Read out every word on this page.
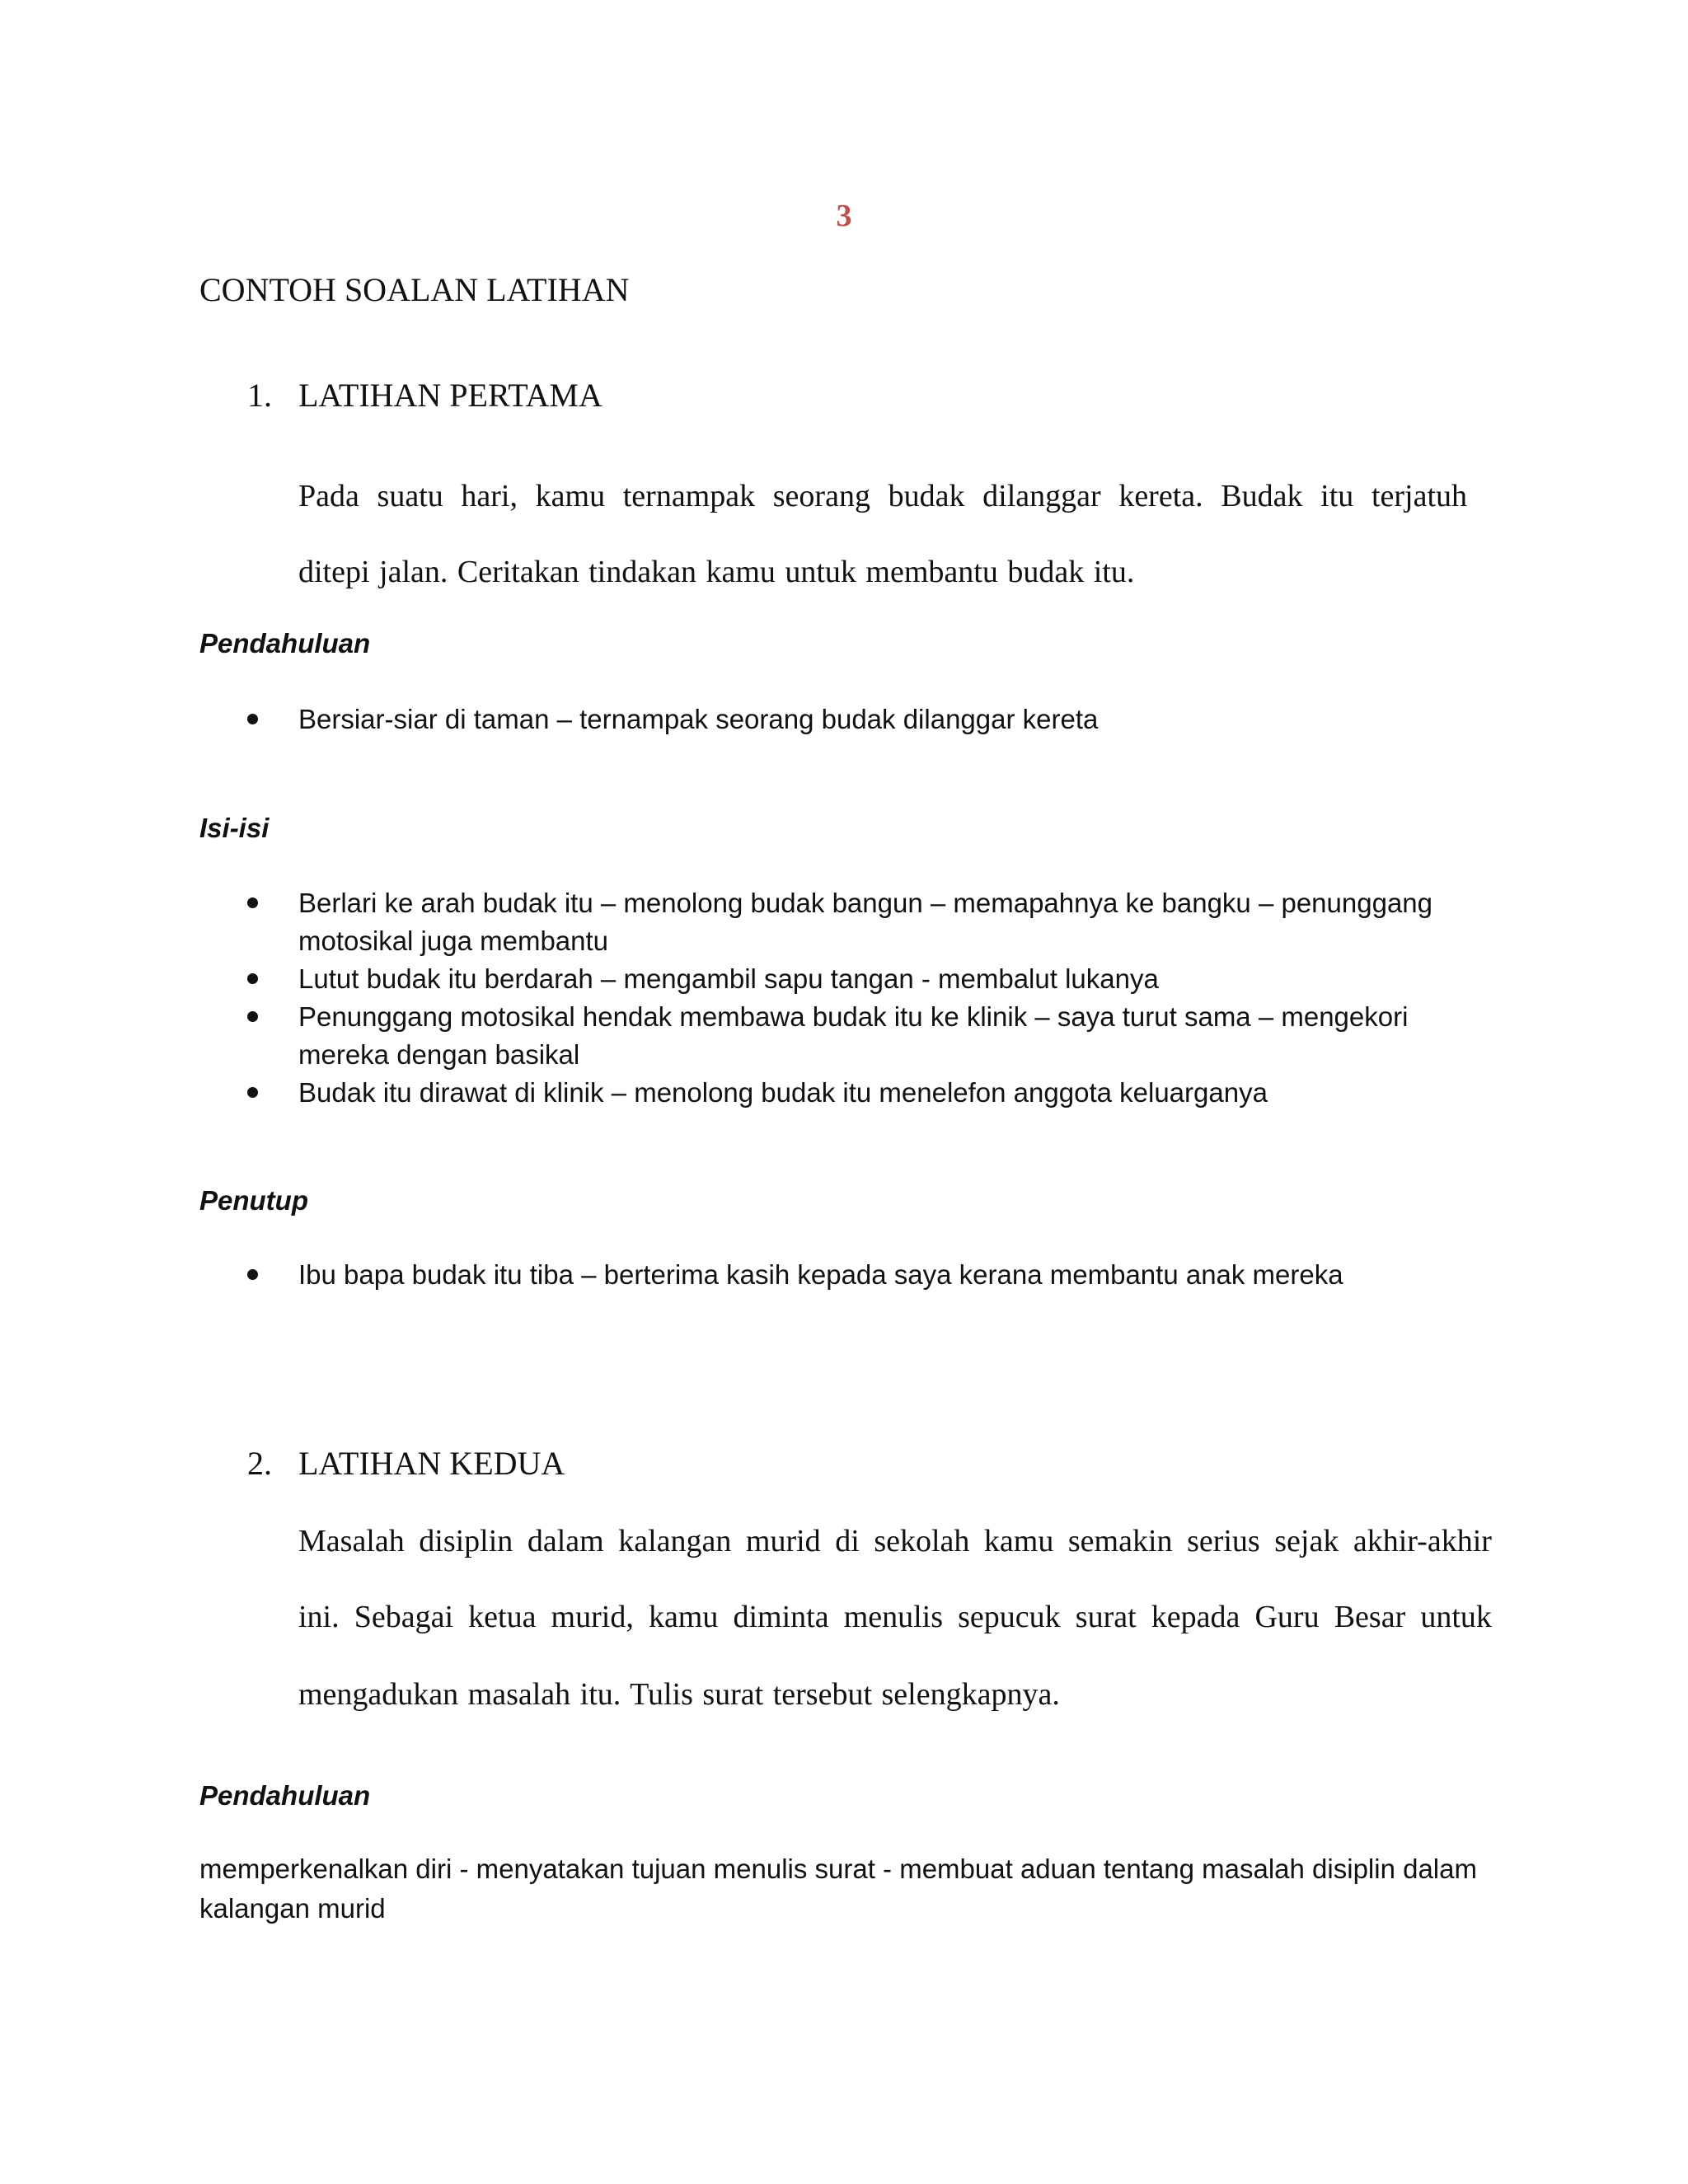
3
CONTOH SOALAN LATIHAN
1. LATIHAN PERTAMA
Pada suatu hari, kamu ternampak seorang budak dilanggar kereta. Budak itu terjatuh
ditepi jalan. Ceritakan tindakan kamu untuk membantu budak itu.
Pendahuluan
Bersiar-siar di taman – ternampak seorang budak dilanggar kereta
Isi-isi
Berlari ke arah budak itu – menolong budak bangun – memapahnya ke bangku – penunggang motosikal juga membantu
Lutut budak itu berdarah – mengambil sapu tangan - membalut lukanya
Penunggang motosikal hendak membawa budak itu ke klinik – saya turut sama – mengekori mereka dengan basikal
Budak itu dirawat di klinik – menolong budak itu menelefon anggota keluarganya
Penutup
Ibu bapa budak itu tiba – berterima kasih kepada saya kerana membantu anak mereka
2. LATIHAN KEDUA
Masalah disiplin dalam kalangan murid di sekolah kamu semakin serius sejak akhir-akhir
ini. Sebagai ketua murid, kamu diminta menulis sepucuk surat kepada Guru Besar untuk
mengadukan masalah itu. Tulis surat tersebut selengkapnya.
Pendahuluan
memperkenalkan diri - menyatakan tujuan menulis surat - membuat aduan tentang masalah disiplin dalam kalangan murid
